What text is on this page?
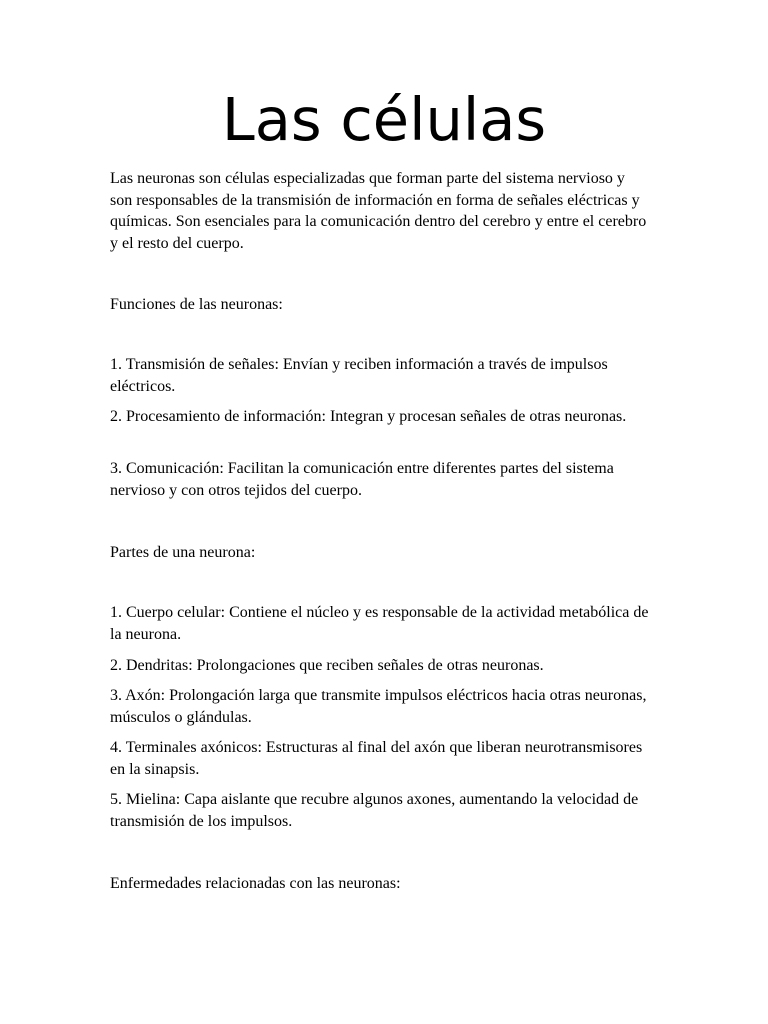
Las células

Las neuronas son células especializadas que forman parte del sistema nervioso y son responsables de la transmisión de información en forma de señales eléctricas y químicas. Son esenciales para la comunicación dentro del cerebro y entre el cerebro y el resto del cuerpo.

Funciones de las neuronas:

1. Transmisión de señales: Envían y reciben información a través de impulsos eléctricos.

2. Procesamiento de información: Integran y procesan señales de otras neuronas.

3. Comunicación: Facilitan la comunicación entre diferentes partes del sistema nervioso y con otros tejidos del cuerpo.

Partes de una neurona:

1. Cuerpo celular: Contiene el núcleo y es responsable de la actividad metabólica de la neurona.

2. Dendritas: Prolongaciones que reciben señales de otras neuronas.

3. Axón: Prolongación larga que transmite impulsos eléctricos hacia otras neuronas, músculos o glándulas.

4. Terminales axónicos: Estructuras al final del axón que liberan neurotransmisores en la sinapsis.

5. Mielina: Capa aislante que recubre algunos axones, aumentando la velocidad de transmisión de los impulsos.

Enfermedades relacionadas con las neuronas:
